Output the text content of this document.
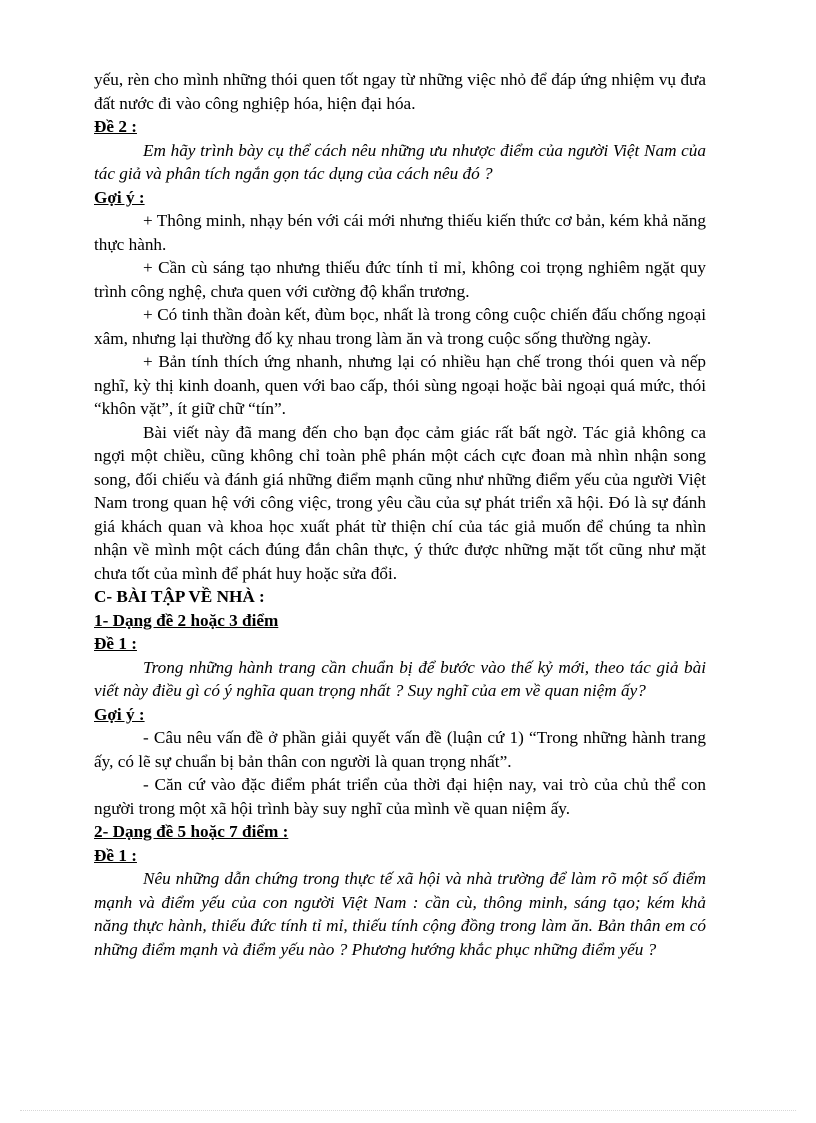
yếu, rèn cho mình những thói quen tốt ngay từ những việc nhỏ để đáp ứng nhiệm vụ đưa đất nước đi vào công nghiệp hóa, hiện đại hóa.

Đề 2 :

Em hãy trình bày cụ thể cách nêu những ưu nhược điểm của người Việt Nam của tác giả và phân tích ngắn gọn tác dụng của cách nêu đó ?

Gợi ý :

+ Thông minh, nhạy bén với cái mới nhưng thiếu kiến thức cơ bản, kém khả năng thực hành.

+ Cần cù sáng tạo nhưng thiếu đức tính tỉ mỉ, không coi trọng nghiêm ngặt quy trình công nghệ, chưa quen với cường độ khẩn trương.

+ Có tinh thần đoàn kết, đùm bọc, nhất là trong công cuộc chiến đấu chống ngoại xâm, nhưng lại thường đố kỵ nhau trong làm ăn và trong cuộc sống thường ngày.

+ Bản tính thích ứng nhanh, nhưng lại có nhiều hạn chế trong thói quen và nếp nghĩ, kỳ thị kinh doanh, quen với bao cấp, thói sùng ngoại hoặc bài ngoại quá mức, thói “khôn vặt”, ít giữ chữ “tín”.

Bài viết này đã mang đến cho bạn đọc cảm giác rất bất ngờ. Tác giả không ca ngợi một chiều, cũng không chỉ toàn phê phán một cách cực đoan mà nhìn nhận song song, đối chiếu và đánh giá những điểm mạnh cũng như những điểm yếu của người Việt Nam trong quan hệ với công việc, trong yêu cầu của sự phát triển xã hội. Đó là sự đánh giá khách quan và khoa học xuất phát từ thiện chí của tác giả muốn để chúng ta nhìn nhận về mình một cách đúng đắn chân thực, ý thức được những mặt tốt cũng như mặt chưa tốt của mình để phát huy hoặc sửa đổi.

C- BÀI TẬP VỀ NHÀ :

1- Dạng đề 2 hoặc 3 điểm

Đề 1 :

Trong những hành trang cần chuẩn bị để bước vào thế kỷ mới, theo tác giả bài viết này điều gì có ý nghĩa quan trọng nhất ? Suy nghĩ của em về quan niệm ấy?

Gợi ý :

- Câu nêu vấn đề ở phần giải quyết vấn đề (luận cứ 1) “Trong những hành trang ấy, có lẽ sự chuẩn bị bản thân con người là quan trọng nhất”.

- Căn cứ vào đặc điểm phát triển của thời đại hiện nay, vai trò của chủ thể con người trong một xã hội trình bày suy nghĩ của mình về quan niệm ấy.

2- Dạng đề 5 hoặc 7 điểm :

Đề 1 :

Nêu những dẫn chứng trong thực tế xã hội và nhà trường để làm rõ một số điểm mạnh và điểm yếu của con người Việt Nam : cần cù, thông minh, sáng tạo; kém khả năng thực hành, thiếu đức tính tỉ mỉ, thiếu tính cộng đồng trong làm ăn. Bản thân em có những điểm mạnh và điểm yếu nào ? Phương hướng khắc phục những điểm yếu ?
